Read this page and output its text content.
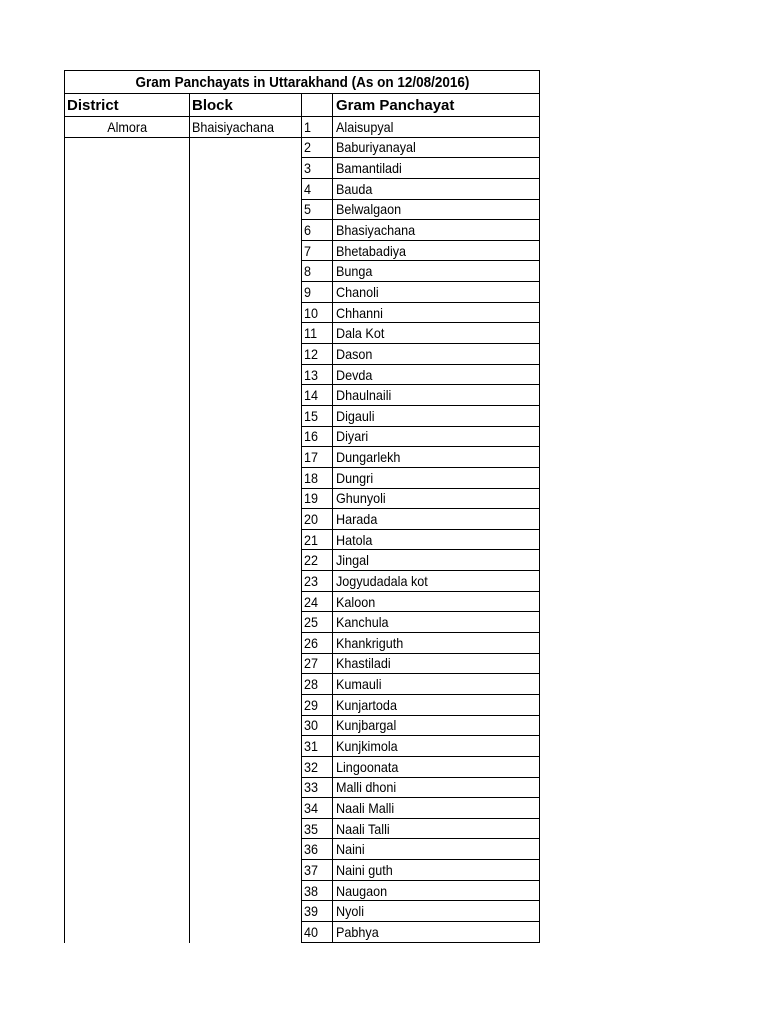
Gram Panchayats in Uttarakhand (As on 12/08/2016)
District	Block	Gram Panchayat
Almora	Bhaisiyachana 1 Alaisupyal
2 Baburiyanayal
3 Bamantiladi
4 Bauda
5 Belwalgaon
6 Bhasiyachana
7 Bhetabadiya
8 Bunga
9 Chanoli
10 Chhanni
11 Dala Kot
12 Dason
13 Devda
14 Dhaulnaili
15 Digauli
16 Diyari
17 Dungarlekh
18 Dungri
19 Ghunyoli
20 Harada
21 Hatola
22 Jingal
23 Jogyudadala kot
24 Kaloon
25 Kanchula
26 Khankriguth
27 Khastiladi
28 Kumauli
29 Kunjartoda
30 Kunjbargal
31 Kunjkimola
32 Lingoonata
33 Malli dhoni
34 Naali Malli
35 Naali Talli
36 Naini
37 Naini guth
38 Naugaon
39 Nyoli
40 Pabhya
